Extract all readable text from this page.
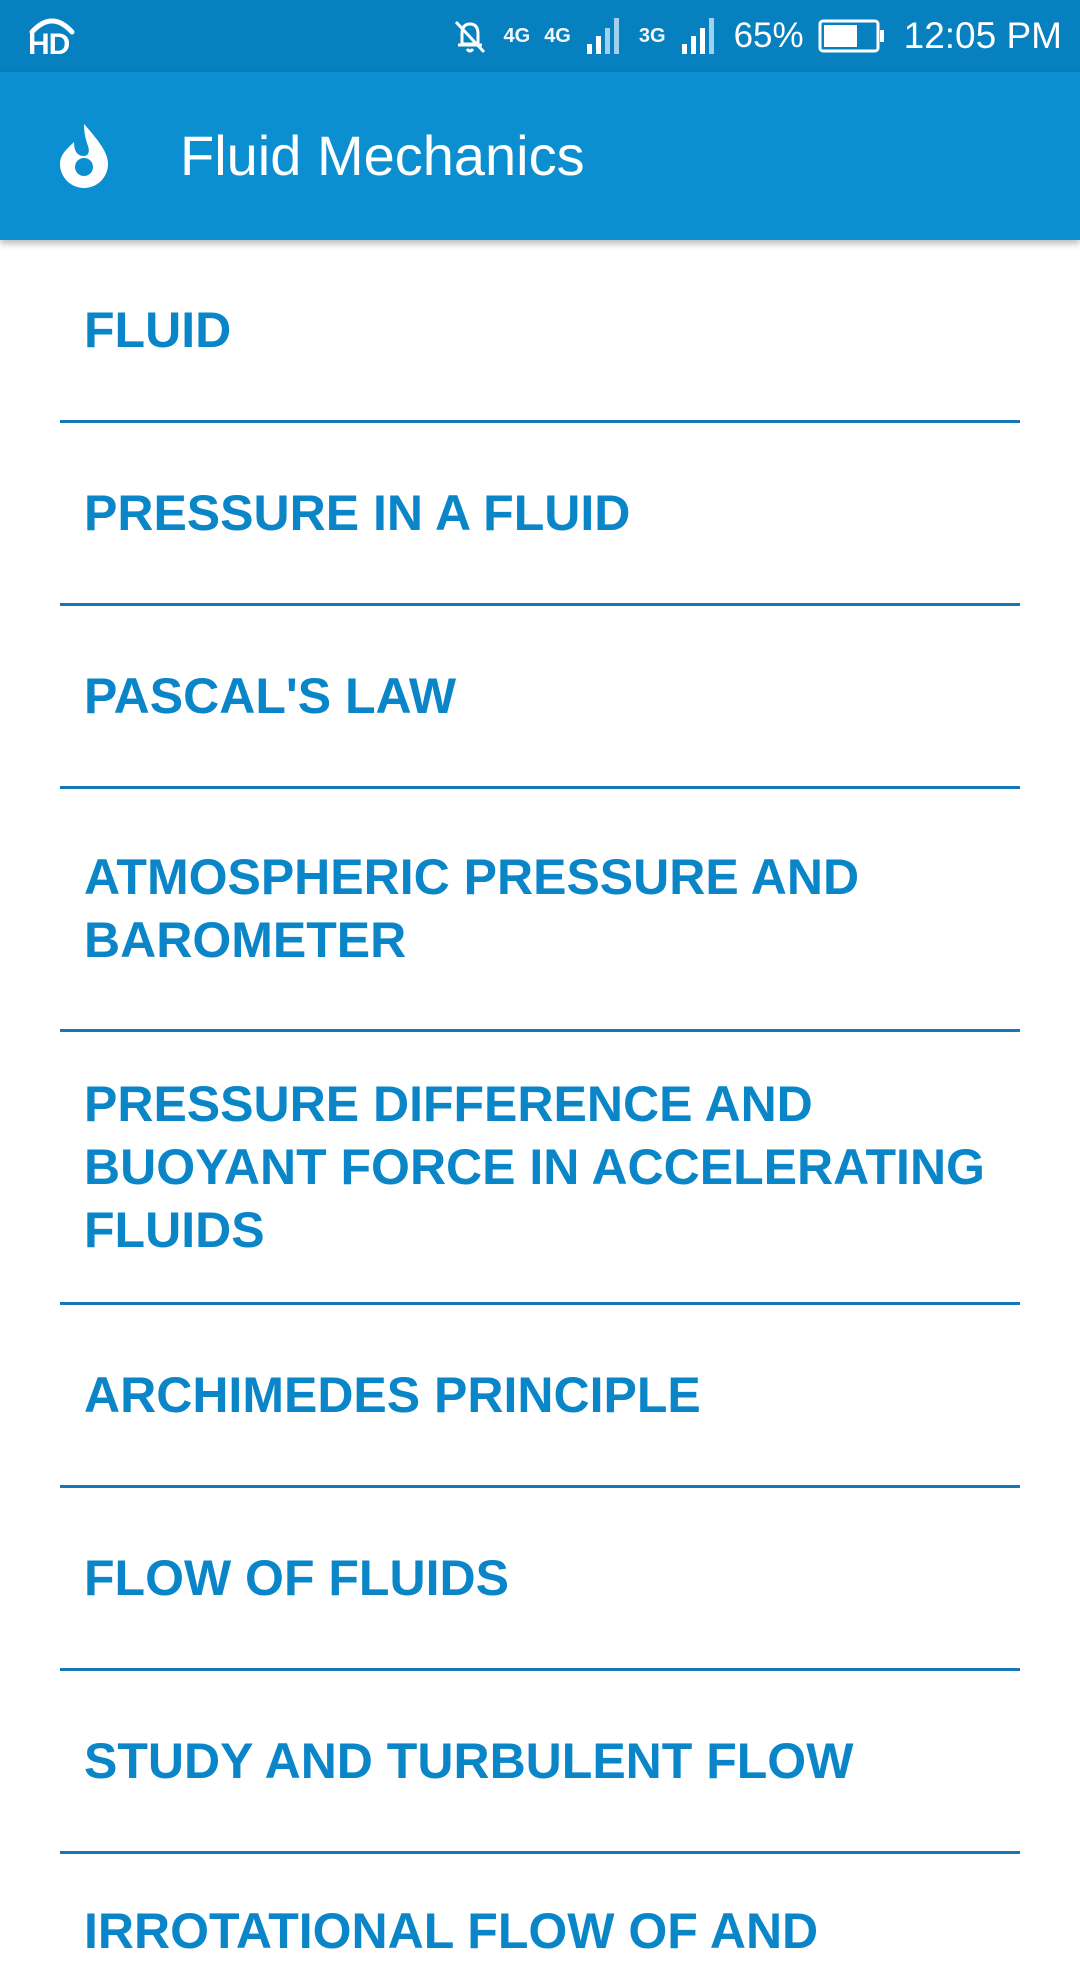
HD	4G 4G	3G 65%	12:05 PM
Fluid Mechanics
FLUID
PRESSURE IN A FLUID
PASCAL'S LAW
ATMOSPHERIC PRESSURE AND BAROMETER
PRESSURE DIFFERENCE AND BUOYANT FORCE IN ACCELERATING FLUIDS
ARCHIMEDES PRINCIPLE
FLOW OF FLUIDS
STUDY AND TURBULENT FLOW
IRROTATIONAL FLOW OF AND
